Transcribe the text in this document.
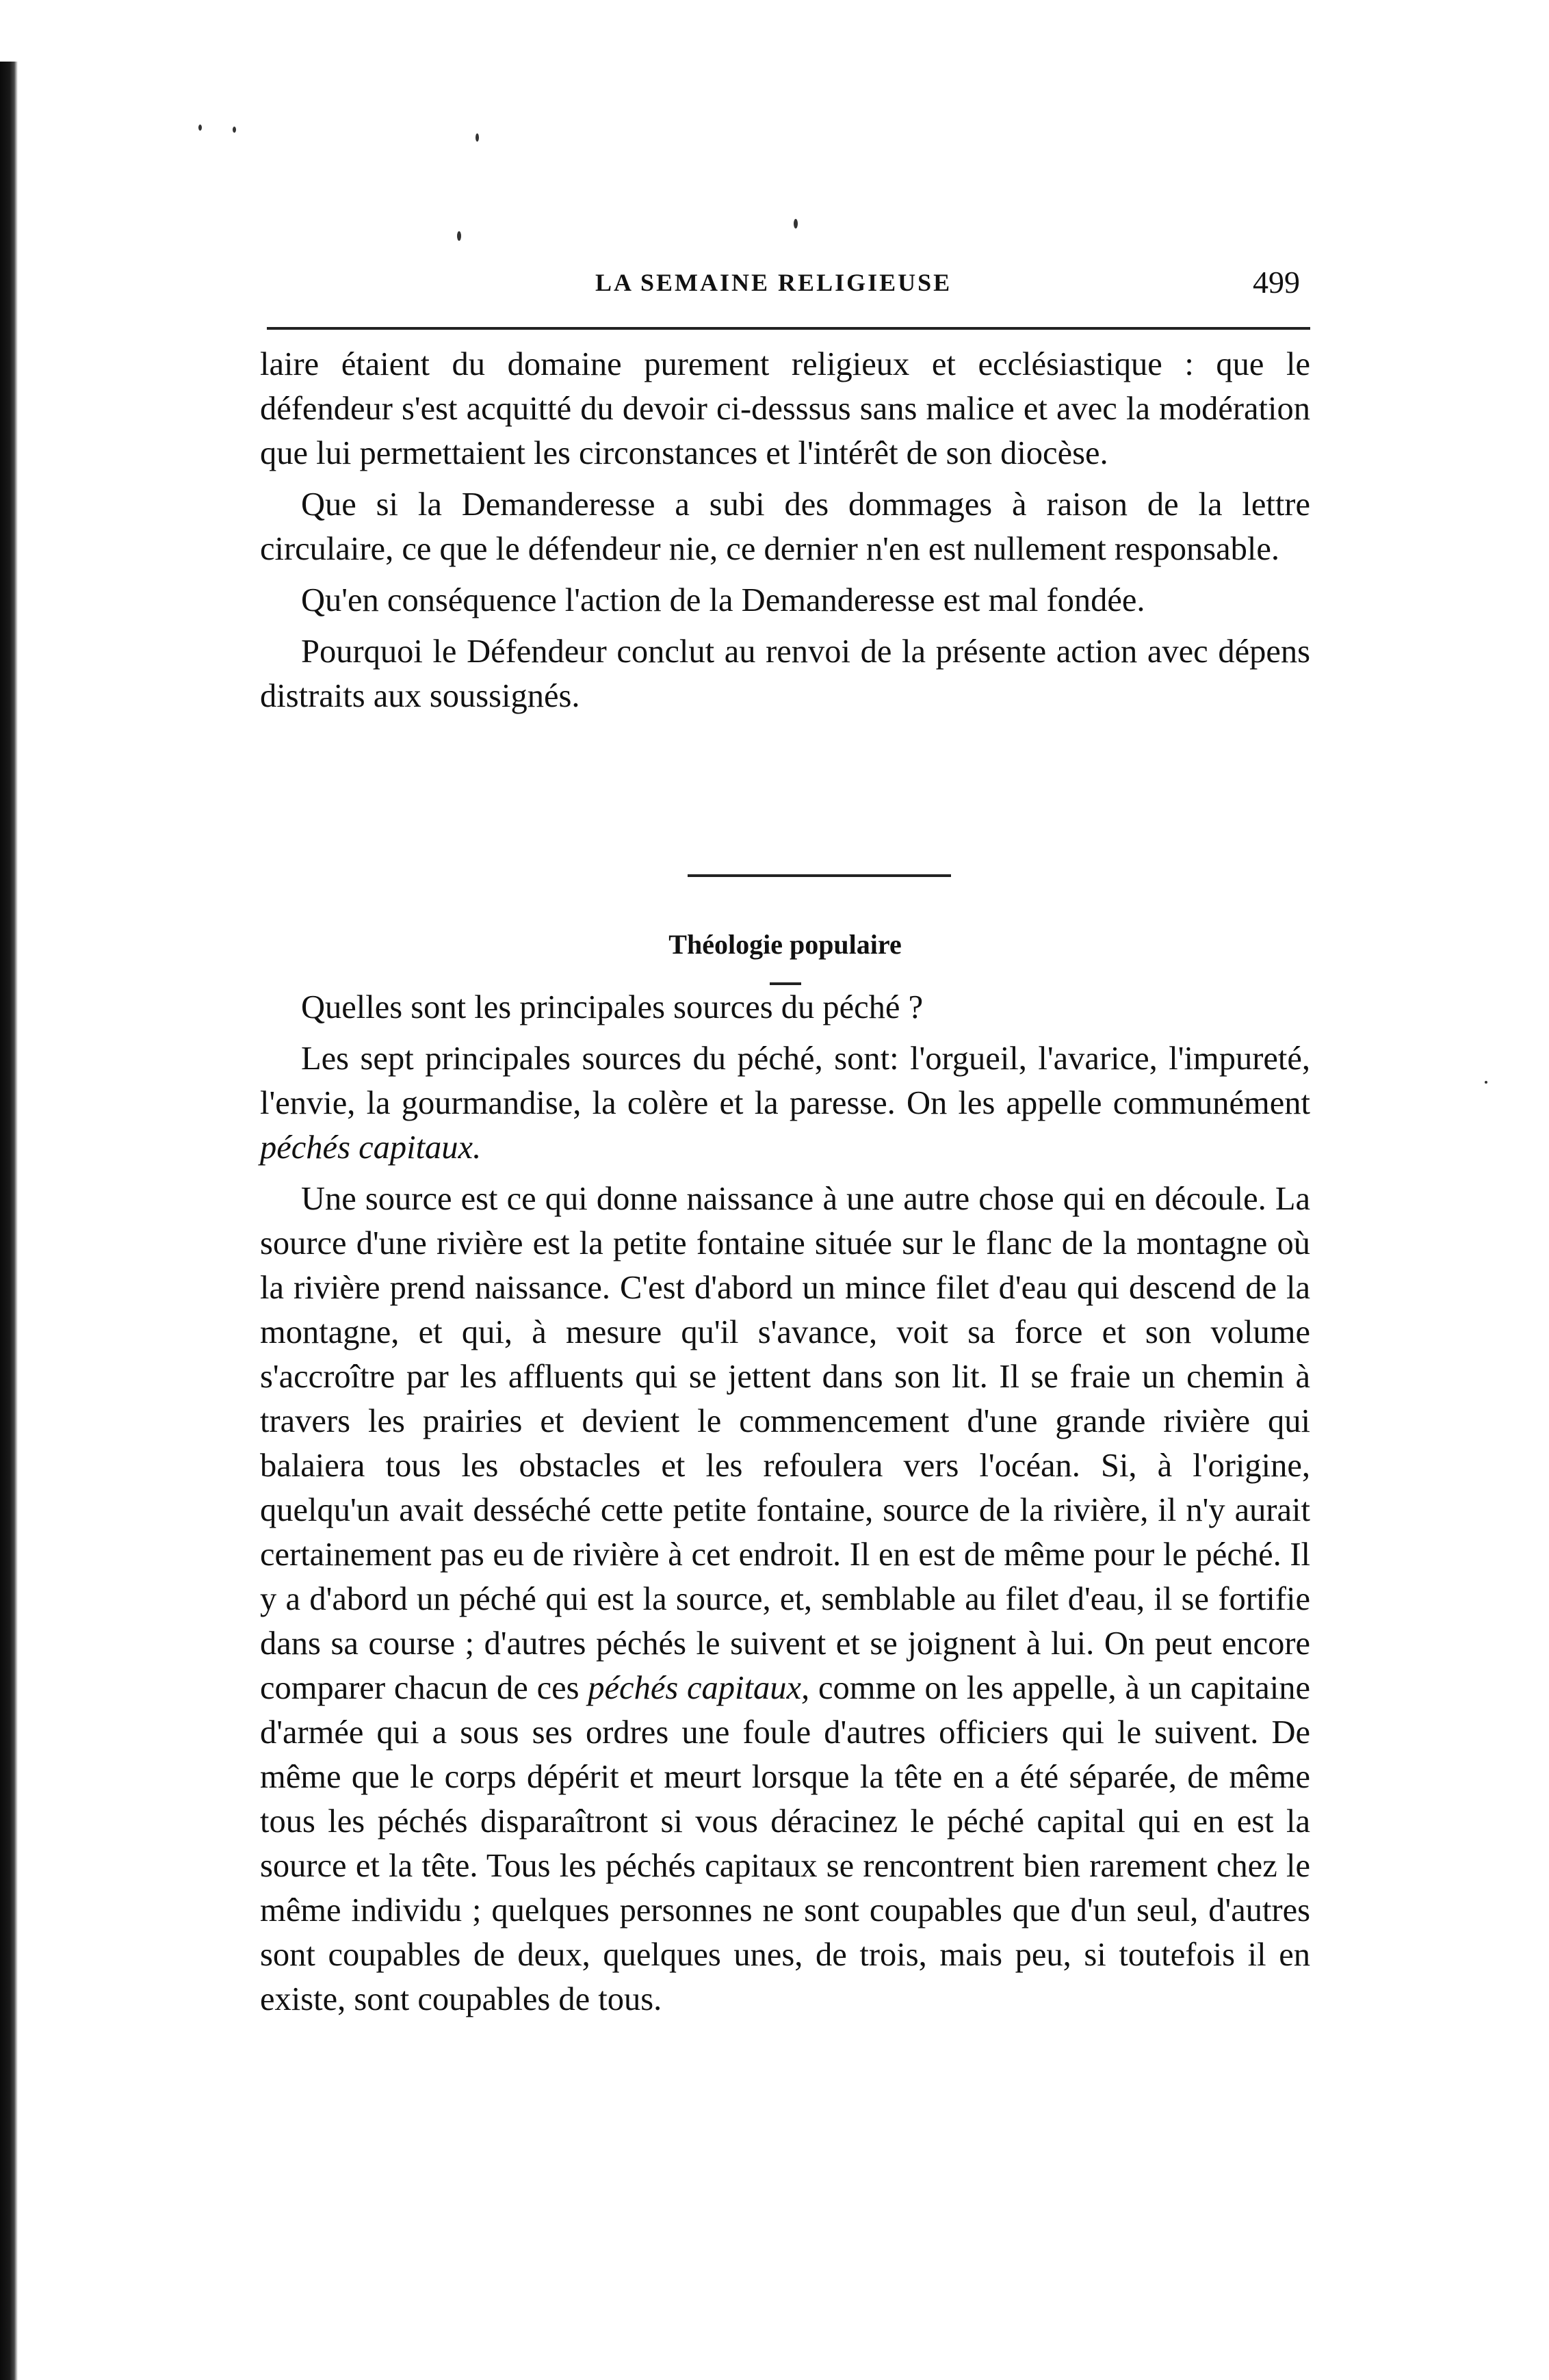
LA SEMAINE RELIGIEUSE	499

laire étaient du domaine purement religieux et ecclésiastique : que le défendeur s'est acquitté du devoir ci-desssus sans malice et avec la modération que lui permettaient les circonstances et l'intérêt de son diocèse.

Que si la Demanderesse a subi des dommages à raison de la lettre circulaire, ce que le défendeur nie, ce dernier n'en est nullement responsable.

Qu'en conséquence l'action de la Demanderesse est mal fondée.

Pourquoi le Défendeur conclut au renvoi de la présente action avec dépens distraits aux soussignés.

Théologie populaire

Quelles sont les principales sources du péché ?

Les sept principales sources du péché, sont: l'orgueil, l'avarice, l'impureté, l'envie, la gourmandise, la colère et la paresse. On les appelle communément péchés capitaux.

Une source est ce qui donne naissance à une autre chose qui en découle. La source d'une rivière est la petite fontaine située sur le flanc de la montagne où la rivière prend naissance. C'est d'abord un mince filet d'eau qui descend de la montagne, et qui, à mesure qu'il s'avance, voit sa force et son volume s'accroître par les affluents qui se jettent dans son lit. Il se fraie un chemin à travers les prairies et devient le commencement d'une grande rivière qui balaiera tous les obstacles et les refoulera vers l'océan. Si, à l'origine, quelqu'un avait desséché cette petite fontaine, source de la rivière, il n'y aurait certainement pas eu de rivière à cet endroit. Il en est de même pour le péché. Il y a d'abord un péché qui est la source, et, semblable au filet d'eau, il se fortifie dans sa course ; d'autres péchés le suivent et se joignent à lui. On peut encore comparer chacun de ces péchés capitaux, comme on les appelle, à un capitaine d'armée qui a sous ses ordres une foule d'autres officiers qui le suivent. De même que le corps dépérit et meurt lorsque la tête en a été séparée, de même tous les péchés disparaîtront si vous déracinez le péché capital qui en est la source et la tête. Tous les péchés capitaux se rencontrent bien rarement chez le même individu ; quelques personnes ne sont coupables que d'un seul, d'autres sont coupables de deux, quelques unes, de trois, mais peu, si toutefois il en existe, sont coupables de tous.
